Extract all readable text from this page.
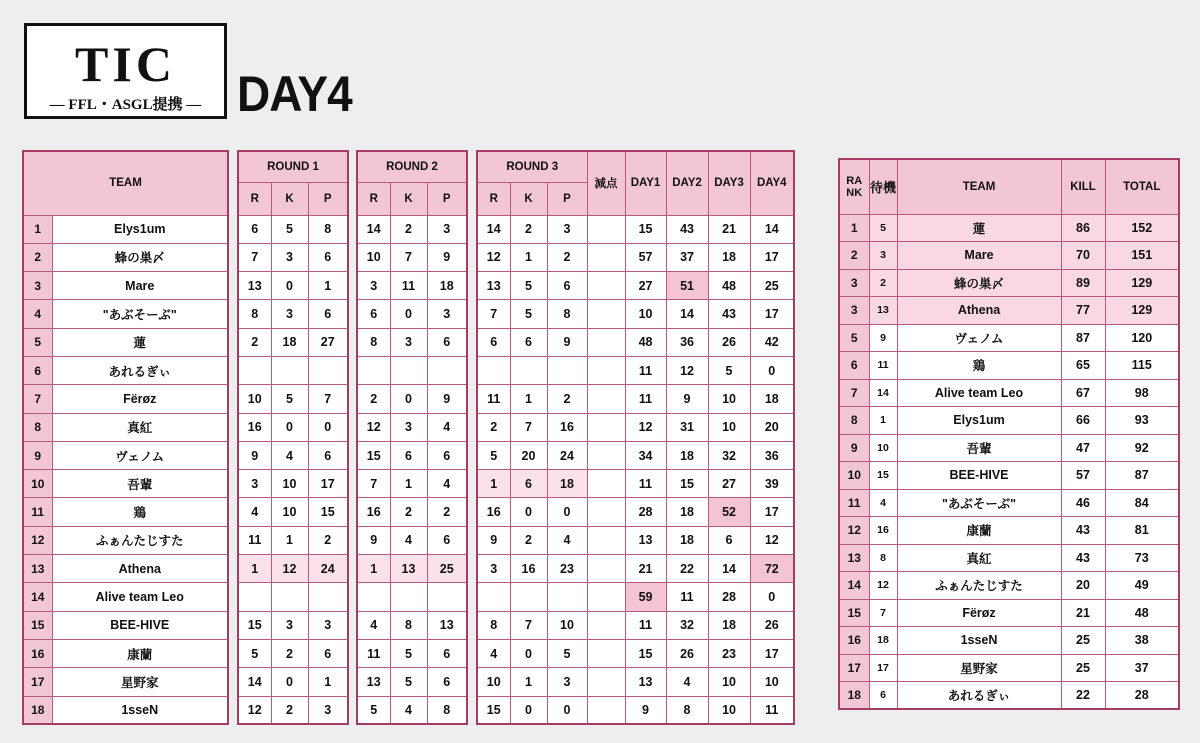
TIC
― FFL・ASGL提携 ― DAY4
TEAM	
1	Elys1um
2	蜂の巣〆
3	Mare
4	"あぶそーぶ"
5	蓮
6	あれるぎぃ
7	Fërøz
8	真紅
9	ヴェノム
10	吾輩
11	鶏
12	ふぁんたじすた
13	Athena
14	Alive team Leo
15	BEE-HIVE
16	康蘭
17	星野家
18	1sseN
ROUND 1		
R	K	P
6	5	8
7	3	6
13	0	1
8	3	6
2	18	27

10	5	7
16	0	0
9	4	6
3	10	17
4	10	15
11	1	2
1	12	24

15	3	3
5	2	6
14	0	1
12	2	3
ROUND 2		
R	K	P
14	2	3
10	7	9
3	11	18
6	0	3
8	3	6

2	0	9
12	3	4
15	6	6
7	1	4
16	2	2
9	4	6
1	13	25

4	8	13
11	5	6
13	5	6
5	4	8
ROUND 3			減点	DAY1	DAY2	DAY3	DAY4
R	K	P					
14	2	3		15	43	21	14
12	1	2		57	37	18	17
13	5	6		27	51	48	25
7	5	8		10	14	43	17
6	6	9		48	36	26	42
				11	12	5	0
11	1	2		11	9	10	18
2	7	16		12	31	10	20
5	20	24		34	18	32	36
1	6	18		11	15	27	39
16	0	0		28	18	52	17
9	2	4		13	18	6	12
3	16	23		21	22	14	72
				59	11	28	0
8	7	10		11	32	18	26
4	0	5		15	26	23	17
10	1	3		13	4	10	10
15	0	0		9	8	10	11
RA NK	待機	TEAM	KILL	TOTAL
1	5	蓮	86	152
2	3	Mare	70	151
3	2	蜂の巣〆	89	129
3	13	Athena	77	129
5	9	ヴェノム	87	120
6	11	鶏	65	115
7	14	Alive team Leo	67	98
8	1	Elys1um	66	93
9	10	吾輩	47	92
10	15	BEE-HIVE	57	87
11	4	"あぶそーぶ"	46	84
12	16	康蘭	43	81
13	8	真紅	43	73
14	12	ふぁんたじすた	20	49
15	7	Fërøz	21	48
16	18	1sseN	25	38
17	17	星野家	25	37
18	6	あれるぎぃ	22	28
